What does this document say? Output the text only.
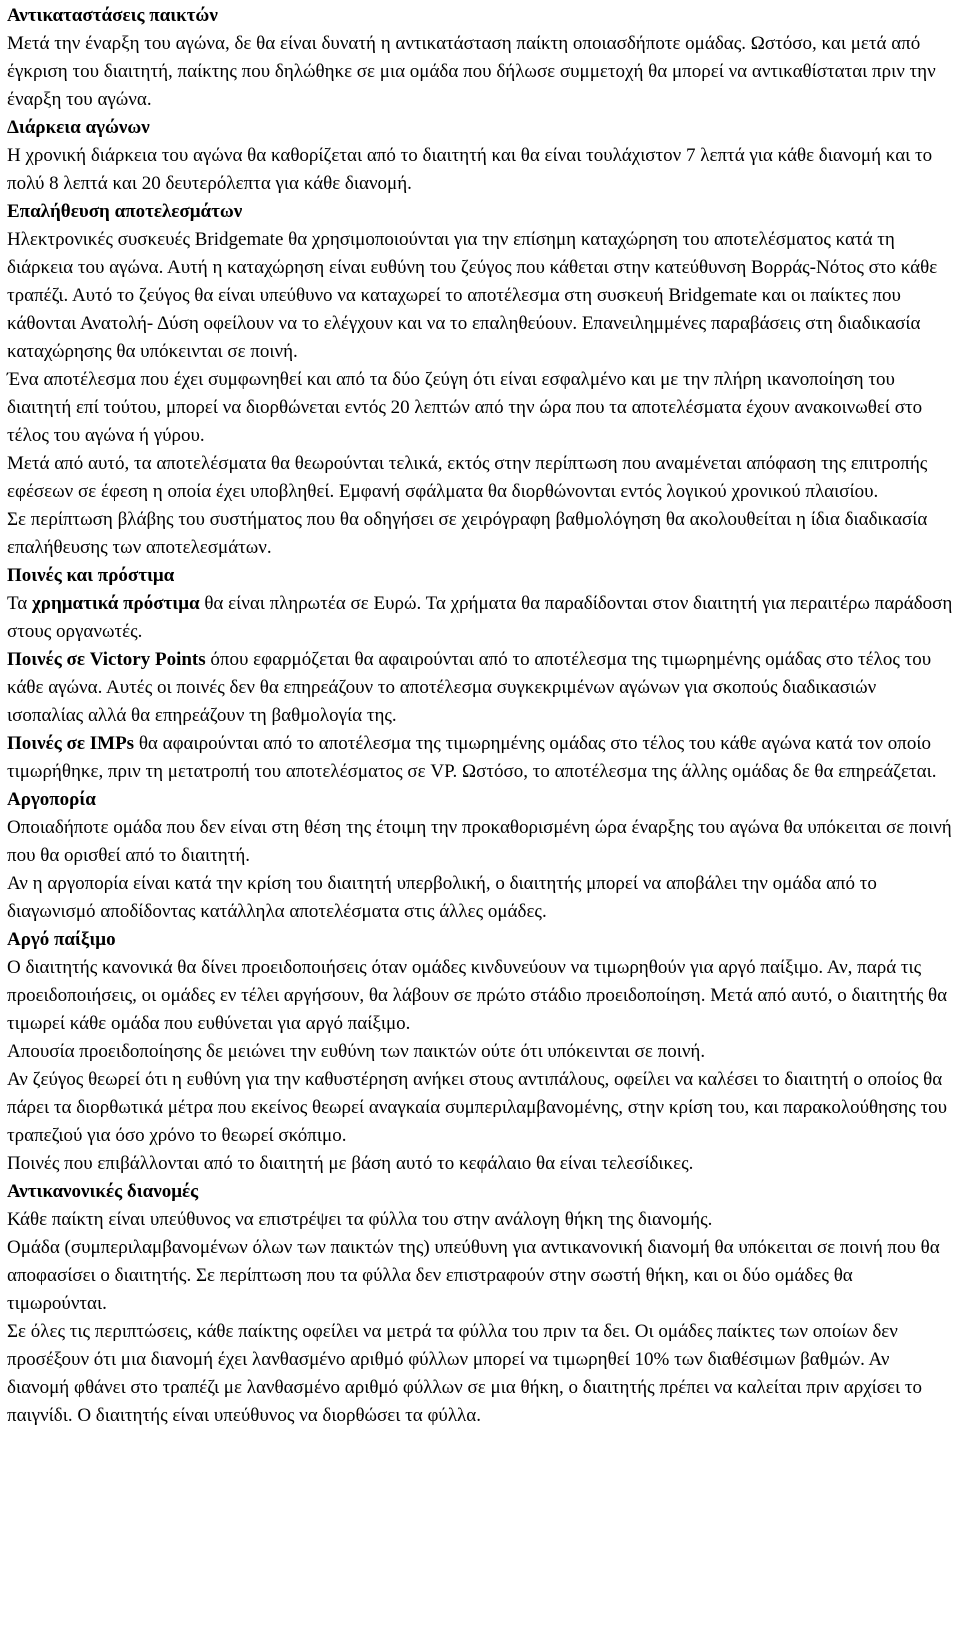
Αντικαταστάσεις παικτών
Μετά την έναρξη του αγώνα, δε θα είναι δυνατή η αντικατάσταση παίκτη οποιασδήποτε ομάδας. Ωστόσο, και μετά από έγκριση του διαιτητή, παίκτης που δηλώθηκε σε μια ομάδα που δήλωσε συμμετοχή θα μπορεί να αντικαθίσταται πριν την έναρξη του αγώνα.
Διάρκεια αγώνων
Η χρονική διάρκεια του αγώνα θα καθορίζεται από το διαιτητή και θα είναι τουλάχιστον 7 λεπτά για κάθε διανομή και το πολύ 8 λεπτά και 20 δευτερόλεπτα για κάθε διανομή.
Επαλήθευση αποτελεσμάτων
Ηλεκτρονικές συσκευές Bridgemate θα χρησιμοποιούνται για την επίσημη καταχώρηση του αποτελέσματος κατά τη διάρκεια του αγώνα. Αυτή η καταχώρηση είναι ευθύνη του ζεύγος που κάθεται στην κατεύθυνση Βορράς-Νότος στο κάθε τραπέζι. Αυτό το ζεύγος θα είναι υπεύθυνο να καταχωρεί το αποτέλεσμα στη συσκευή Bridgemate και οι παίκτες που κάθονται Ανατολή- Δύση οφείλουν να το ελέγχουν και να το επαληθεύουν. Επανειλημμένες παραβάσεις στη διαδικασία καταχώρησης θα υπόκεινται σε ποινή.
Ένα αποτέλεσμα που έχει συμφωνηθεί και από τα δύο ζεύγη ότι είναι εσφαλμένο και με την πλήρη ικανοποίηση του διαιτητή επί τούτου, μπορεί να διορθώνεται εντός 20 λεπτών από την ώρα που τα αποτελέσματα έχουν ανακοινωθεί στο τέλος του αγώνα ή γύρου.
Μετά από αυτό, τα αποτελέσματα θα θεωρούνται τελικά, εκτός στην περίπτωση που αναμένεται απόφαση της επιτροπής εφέσεων σε έφεση η οποία έχει υποβληθεί. Εμφανή σφάλματα θα διορθώνονται εντός λογικού χρονικού πλαισίου.
Σε περίπτωση βλάβης του συστήματος που θα οδηγήσει σε χειρόγραφη βαθμολόγηση θα ακολουθείται η ίδια διαδικασία επαλήθευσης των αποτελεσμάτων.
Ποινές και πρόστιμα
Τα χρηματικά πρόστιμα θα είναι πληρωτέα σε Ευρώ. Τα χρήματα θα παραδίδονται στον διαιτητή για περαιτέρω παράδοση στους οργανωτές.
Ποινές σε Victory Points όπου εφαρμόζεται θα αφαιρούνται από το αποτέλεσμα της τιμωρημένης ομάδας στο τέλος του κάθε αγώνα. Αυτές οι ποινές δεν θα επηρεάζουν το αποτέλεσμα συγκεκριμένων αγώνων για σκοπούς διαδικασιών ισοπαλίας αλλά θα επηρεάζουν τη βαθμολογία της.
Ποινές σε IMPs θα αφαιρούνται από το αποτέλεσμα της τιμωρημένης ομάδας στο τέλος του κάθε αγώνα κατά τον οποίο τιμωρήθηκε, πριν τη μετατροπή του αποτελέσματος σε VP. Ωστόσο, το αποτέλεσμα της άλλης ομάδας δε θα επηρεάζεται.
Αργοπορία
Οποιαδήποτε ομάδα που δεν είναι στη θέση της έτοιμη την προκαθορισμένη ώρα έναρξης του αγώνα θα υπόκειται σε ποινή που θα ορισθεί από το διαιτητή.
Αν η αργοπορία είναι κατά την κρίση του διαιτητή υπερβολική, ο διαιτητής μπορεί να αποβάλει την ομάδα από το διαγωνισμό αποδίδοντας κατάλληλα αποτελέσματα στις άλλες ομάδες.
Αργό παίξιμο
Ο διαιτητής κανονικά θα δίνει προειδοποιήσεις όταν ομάδες κινδυνεύουν να τιμωρηθούν για αργό παίξιμο. Αν, παρά τις προειδοποιήσεις, οι ομάδες εν τέλει αργήσουν, θα λάβουν σε πρώτο στάδιο προειδοποίηση. Μετά από αυτό, ο διαιτητής θα τιμωρεί κάθε ομάδα που ευθύνεται για αργό παίξιμο.
Απουσία προειδοποίησης δε μειώνει την ευθύνη των παικτών ούτε ότι υπόκεινται σε ποινή.
Αν ζεύγος θεωρεί ότι η ευθύνη για την καθυστέρηση ανήκει στους αντιπάλους, οφείλει να καλέσει το διαιτητή ο οποίος θα πάρει τα διορθωτικά μέτρα που εκείνος θεωρεί αναγκαία συμπεριλαμβανομένης, στην κρίση του, και παρακολούθησης του τραπεζιού για όσο χρόνο το θεωρεί σκόπιμο.
Ποινές που επιβάλλονται από το διαιτητή με βάση αυτό το κεφάλαιο θα είναι τελεσίδικες.
Αντικανονικές διανομές
Κάθε παίκτη είναι υπεύθυνος να επιστρέψει τα φύλλα του στην ανάλογη θήκη της διανομής.
Ομάδα (συμπεριλαμβανομένων όλων των παικτών της) υπεύθυνη για αντικανονική διανομή θα υπόκειται σε ποινή που θα αποφασίσει ο διαιτητής. Σε περίπτωση που τα φύλλα δεν επιστραφούν στην σωστή θήκη, και οι δύο ομάδες θα τιμωρούνται.
Σε όλες τις περιπτώσεις, κάθε παίκτης οφείλει να μετρά τα φύλλα του πριν τα δει. Οι ομάδες παίκτες των οποίων δεν προσέξουν ότι μια διανομή έχει λανθασμένο αριθμό φύλλων μπορεί να τιμωρηθεί 10% των διαθέσιμων βαθμών. Αν διανομή φθάνει στο τραπέζι με λανθασμένο αριθμό φύλλων σε μια θήκη, ο διαιτητής πρέπει να καλείται πριν αρχίσει το παιγνίδι. Ο διαιτητής είναι υπεύθυνος να διορθώσει τα φύλλα.
